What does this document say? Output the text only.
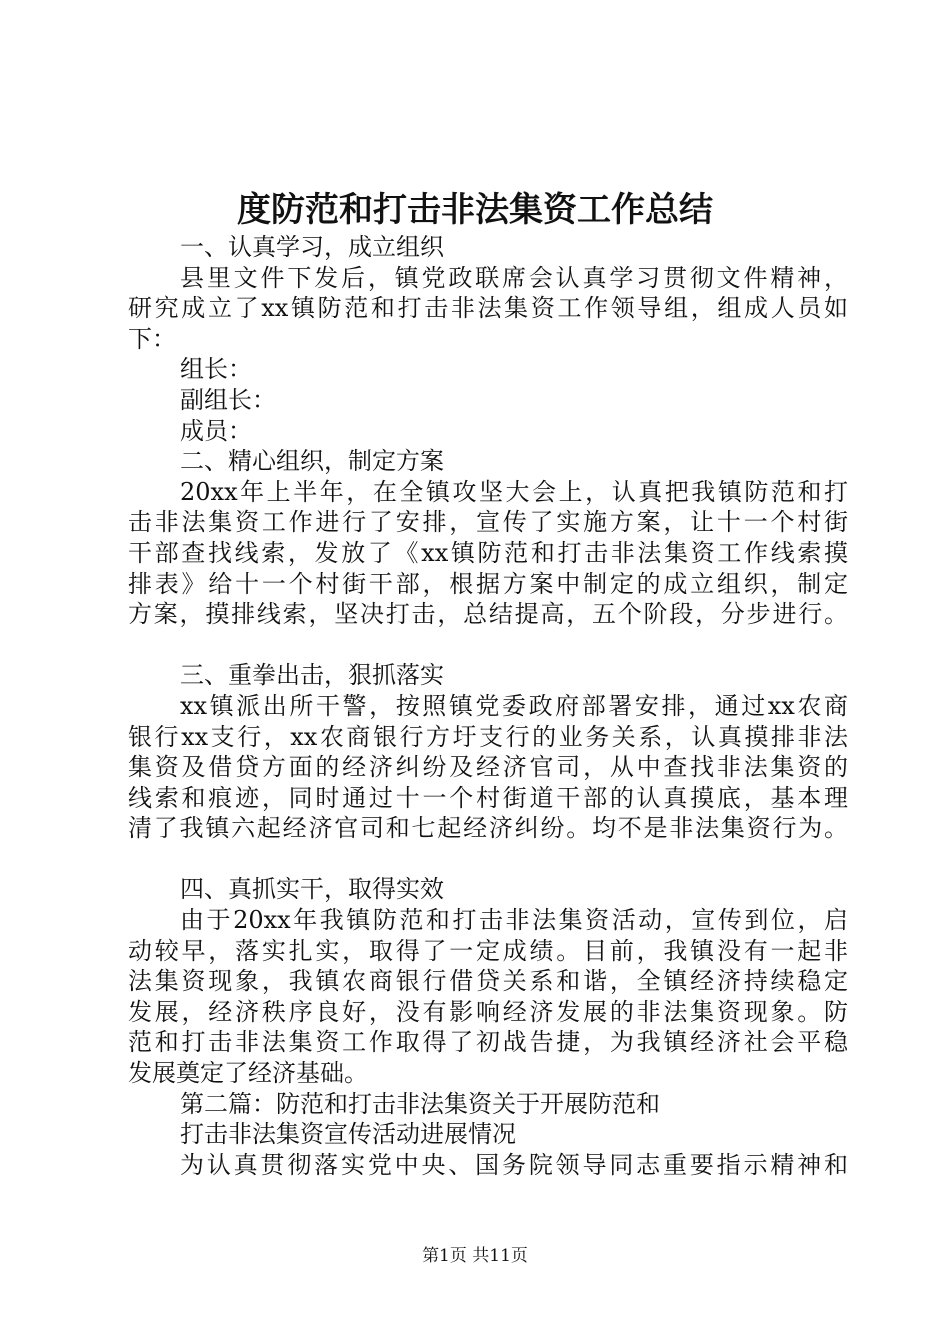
度防范和打击非法集资工作总结
一、认真学习，成立组织
县里文件下发后，镇党政联席会认真学习贯彻文件精神，
研究成立了xx镇防范和打击非法集资工作领导组，组成人员如
下：
组长：
副组长：
成员：
二、精心组织，制定方案
20xx年上半年，在全镇攻坚大会上，认真把我镇防范和打
击非法集资工作进行了安排，宣传了实施方案，让十一个村街
干部查找线索，发放了《xx镇防范和打击非法集资工作线索摸
排表》给十一个村街干部，根据方案中制定的成立组织，制定
方案，摸排线索，坚决打击，总结提高，五个阶段，分步进行。
三、重拳出击，狠抓落实
xx镇派出所干警，按照镇党委政府部署安排，通过xx农商
银行xx支行，xx农商银行方圩支行的业务关系，认真摸排非法
集资及借贷方面的经济纠纷及经济官司，从中查找非法集资的
线索和痕迹，同时通过十一个村街道干部的认真摸底，基本理
清了我镇六起经济官司和七起经济纠纷。均不是非法集资行为。
四、真抓实干，取得实效
由于20xx年我镇防范和打击非法集资活动，宣传到位，启
动较早，落实扎实，取得了一定成绩。目前，我镇没有一起非
法集资现象，我镇农商银行借贷关系和谐，全镇经济持续稳定
发展，经济秩序良好，没有影响经济发展的非法集资现象。防
范和打击非法集资工作取得了初战告捷，为我镇经济社会平稳
发展奠定了经济基础。
第二篇：防范和打击非法集资关于开展防范和
打击非法集资宣传活动进展情况
为认真贯彻落实党中央、国务院领导同志重要指示精神和
第1页 共11页
